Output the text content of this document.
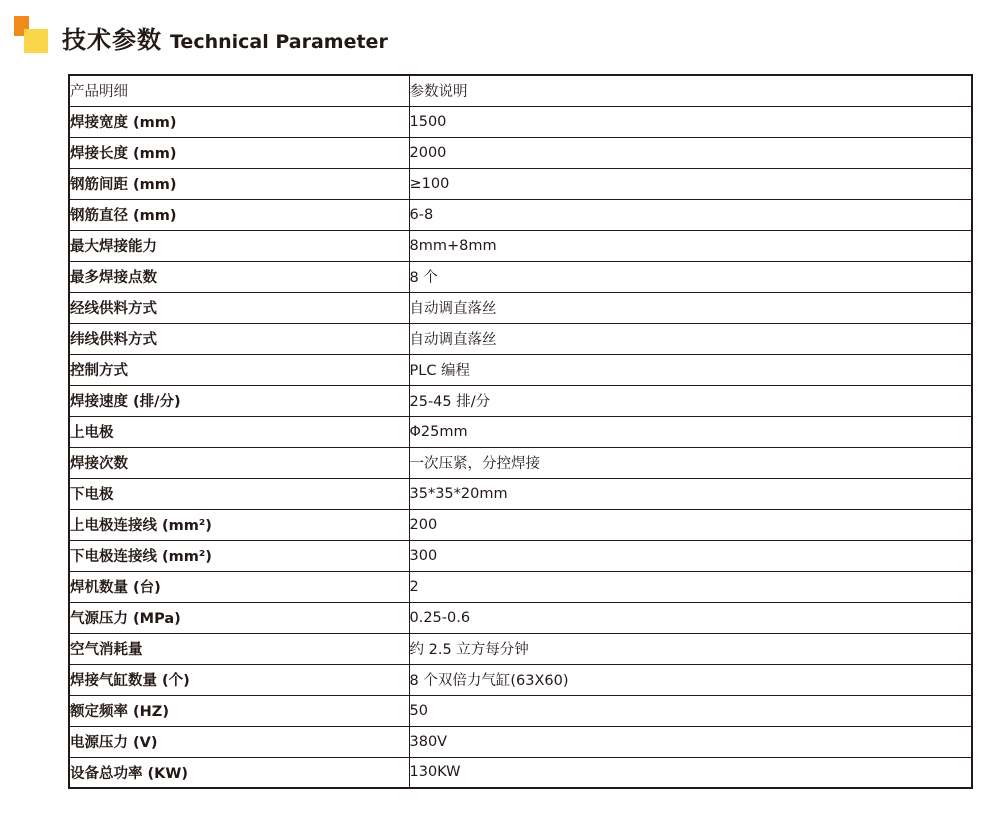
技术参数 Technical Parameter
产品明细	参数说明
焊接宽度 (mm)	1500
焊接长度 (mm)	2000
钢筋间距 (mm)	≥100
钢筋直径 (mm)	6-8
最大焊接能力	8mm+8mm
最多焊接点数	8 个
经线供料方式	自动调直落丝
纬线供料方式	自动调直落丝
控制方式	PLC 编程
焊接速度 (排/分)	25-45 排/分
上电极	Φ25mm
焊接次数	一次压紧，分控焊接
下电极	35*35*20mm
上电极连接线 (mm²)	200
下电极连接线 (mm²)	300
焊机数量 (台)	2
气源压力 (MPa)	0.25-0.6
空气消耗量	约 2.5 立方每分钟
焊接气缸数量 (个)	8 个双倍力气缸(63X60)
额定频率 (HZ)	50
电源压力 (V)	380V
设备总功率 (KW)	130KW
